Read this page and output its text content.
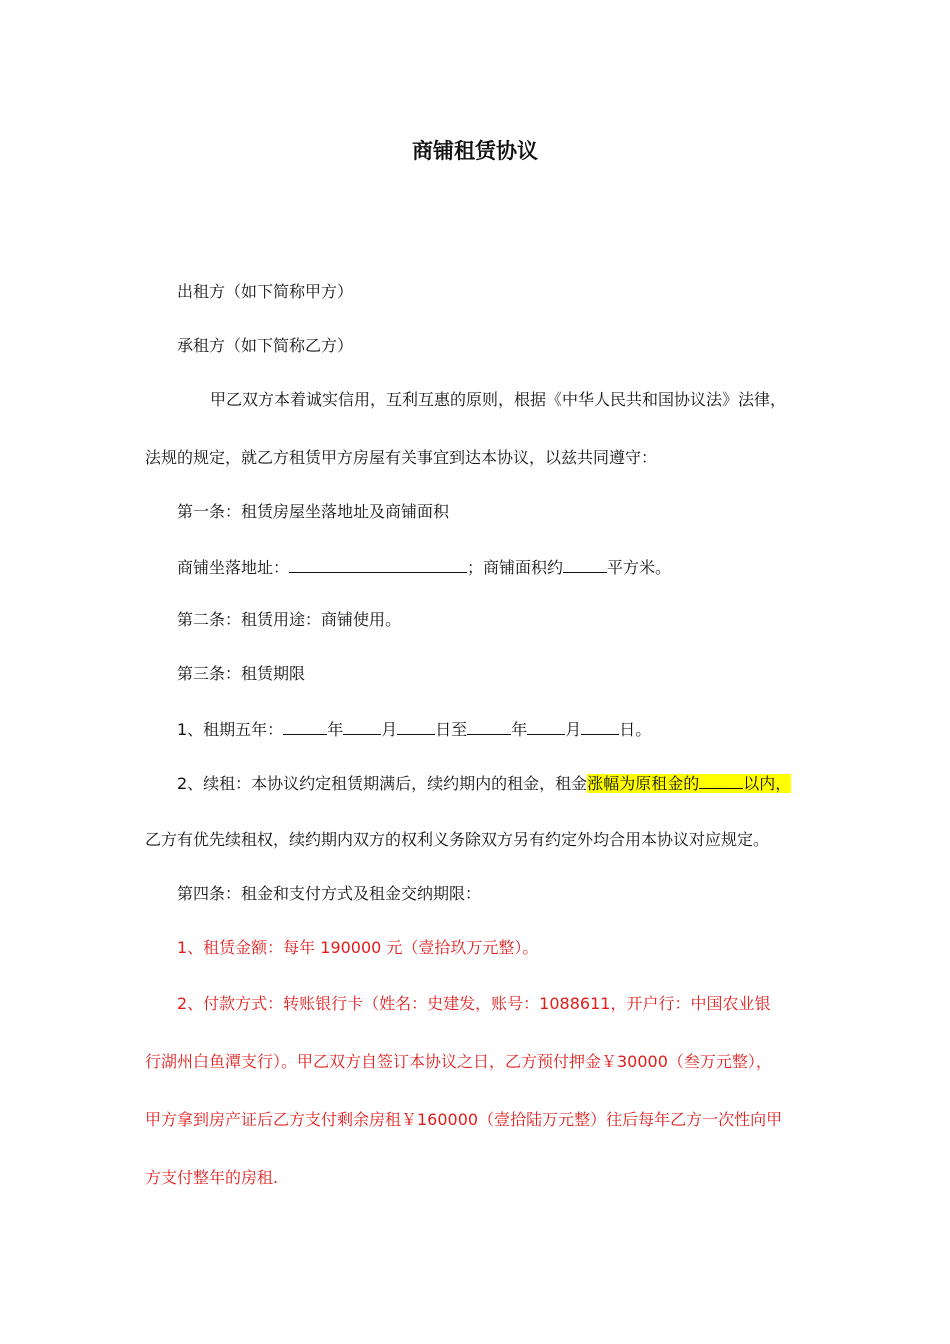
商铺租赁协议
出租方（如下简称甲方）
承租方（如下简称乙方）
甲乙双方本着诚实信用，互利互惠的原则，根据《中华人民共和国协议法》法律，
法规的规定，就乙方租赁甲方房屋有关事宜到达本协议，以兹共同遵守：
第一条：租赁房屋坐落地址及商铺面积
商铺坐落地址：	；商铺面积约	平方米。
第二条：租赁用途：商铺使用。
第三条：租赁期限
1、租期五年：	年 月 日至	年 月 日。
2、续租：本协议约定租赁期满后，续约期内的租金，租金涨幅为原租金的	以内，
乙方有优先续租权，续约期内双方的权利义务除双方另有约定外均合用本协议对应规定。
第四条：租金和支付方式及租金交纳期限：
1、租赁金额：每年 190000 元（壹拾玖万元整）。
2、付款方式：转账银行卡（姓名：史建发，账号：1088611，开户行：中国农业银
行湖州白鱼潭支行）。甲乙双方自签订本协议之日，乙方预付押金￥30000（叁万元整），
甲方拿到房产证后乙方支付剩余房租￥160000（壹拾陆万元整）往后每年乙方一次性向甲
方支付整年的房租.
